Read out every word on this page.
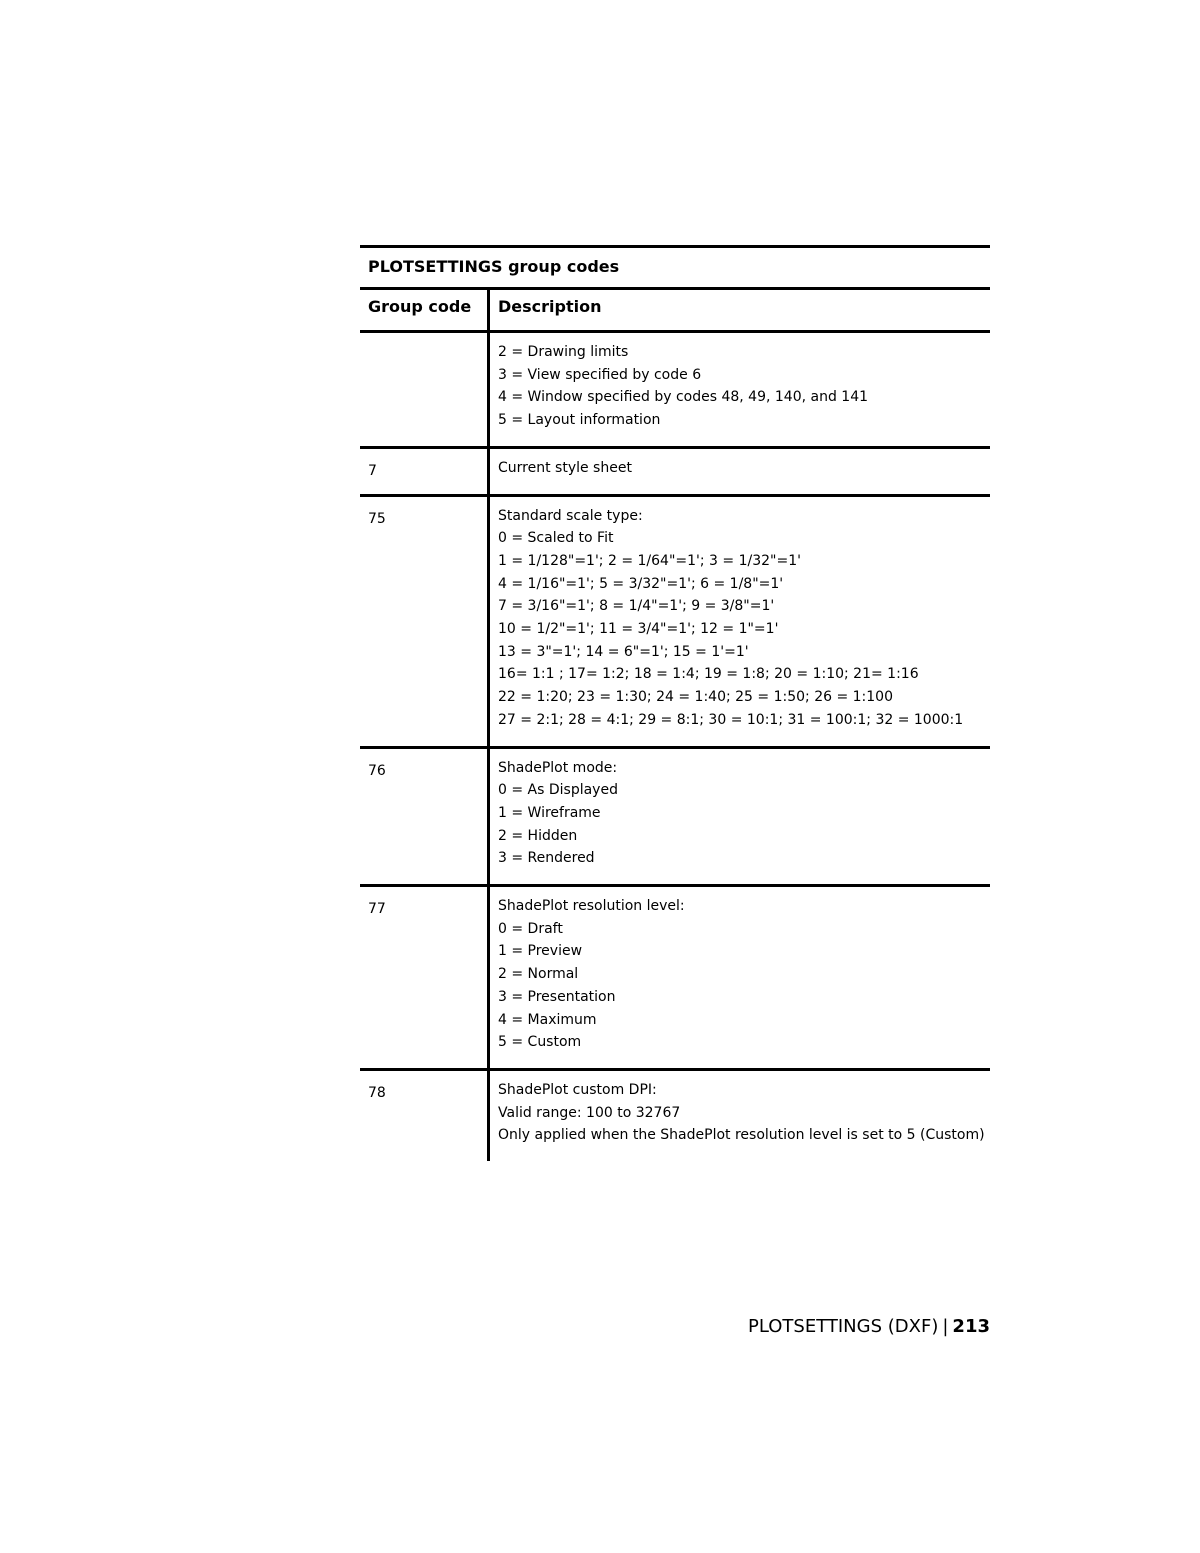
PLOTSETTINGS group codes
Group code	Description
2 = Drawing limits
3 = View specified by code 6
4 = Window specified by codes 48, 49, 140, and 141
5 = Layout information
7	Current style sheet
75	Standard scale type:
0 = Scaled to Fit
1 = 1/128"=1'; 2 = 1/64"=1'; 3 = 1/32"=1'
4 = 1/16"=1'; 5 = 3/32"=1'; 6 = 1/8"=1'
7 = 3/16"=1'; 8 = 1/4"=1'; 9 = 3/8"=1'
10 = 1/2"=1'; 11 = 3/4"=1'; 12 = 1"=1'
13 = 3"=1'; 14 = 6"=1'; 15 = 1'=1'
16= 1:1 ; 17= 1:2; 18 = 1:4; 19 = 1:8; 20 = 1:10; 21= 1:16
22 = 1:20; 23 = 1:30; 24 = 1:40; 25 = 1:50; 26 = 1:100
27 = 2:1; 28 = 4:1; 29 = 8:1; 30 = 10:1; 31 = 100:1; 32 = 1000:1
76	ShadePlot mode:
0 = As Displayed
1 = Wireframe
2 = Hidden
3 = Rendered
77	ShadePlot resolution level:
0 = Draft
1 = Preview
2 = Normal
3 = Presentation
4 = Maximum
5 = Custom
78	ShadePlot custom DPI:
Valid range: 100 to 32767
Only applied when the ShadePlot resolution level is set to 5 (Custom)
PLOTSETTINGS (DXF) | 213
